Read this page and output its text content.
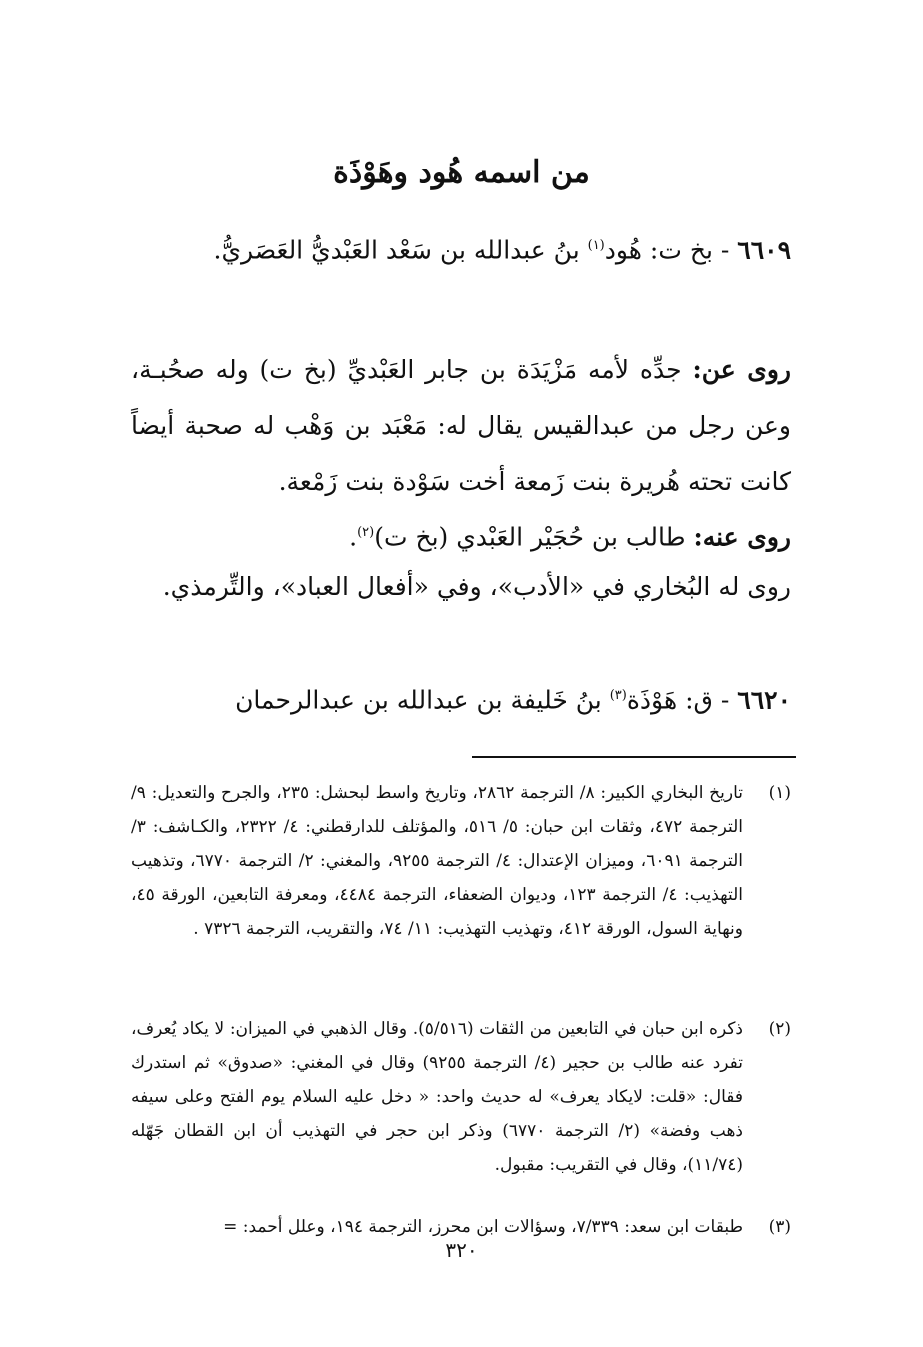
من اسمه هُود وهَوْذَة
٦٦٠٩ - بخ ت: هُود$^{(١)}$ بنُ عبدالله بن سَعْد العَبْديُّ العَصَريُّ.
روى عن: جدِّه لأمه مَزْيَدَة بن جابر العَبْديِّ (بخ ت) وله صحُبـة، وعن رجل من عبدالقيس يقال له: مَعْبَد بن وَهْب له صحبة أيضاً كانت تحته هُريرة بنت زَمعة أخت سَوْدة بنت زَمْعة.
روى عنه: طالب بن حُجَيْر العَبْدي (بخ ت)$^{(٢)}$.
روى له البُخاري في «الأدب»، وفي «أفعال العباد»، والتِّرمذي.
٦٦٢٠ - ق: هَوْذَة$^{(٣)}$ بنُ خَليفة بن عبدالله بن عبدالرحمان
(١)
تاريخ البخاري الكبير: ٨/ الترجمة ٢٨٦٢، وتاريخ واسط لبحشل: ٢٣٥، والجرح والتعديل: ٩/ الترجمة ٤٧٢، وثقات ابن حبان: ٥/ ٥١٦، والمؤتلف للدارقطني: ٤/ ٢٣٢٢، والكـاشف: ٣/ الترجمة ٦٠٩١، وميزان الإعتدال: ٤/ الترجمة ٩٢٥٥، والمغني: ٢/ الترجمة ٦٧٧٠، وتذهيب التهذيب: ٤/ الترجمة ١٢٣، وديوان الضعفاء، الترجمة ٤٤٨٤، ومعرفة التابعين، الورقة ٤٥، ونهاية السول، الورقة ٤١٢، وتهذيب التهذيب: ١١/ ٧٤، والتقريب، الترجمة ٧٣٢٦ .
(٢)
ذكره ابن حبان في التابعين من الثقات (٥/٥١٦). وقال الذهبي في الميزان: لا يكاد يُعرف، تفرد عنه طالب بن حجير (٤/ الترجمة ٩٢٥٥) وقال في المغني: «صدوق» ثم استدرك فقال: «قلت: لايكاد يعرف» له حديث واحد: « دخل عليه السلام يوم الفتح وعلى سيفه ذهب وفضة» (٢/ الترجمة ٦٧٧٠) وذكر ابن حجر في التهذيب أن ابن القطان جَهّله (١١/٧٤)، وقال في التقريب: مقبول.
(٣)
طبقات ابن سعد: ٧/٣٣٩، وسؤالات ابن محرز، الترجمة ١٩٤، وعلل أحمد: =
٣٢٠
